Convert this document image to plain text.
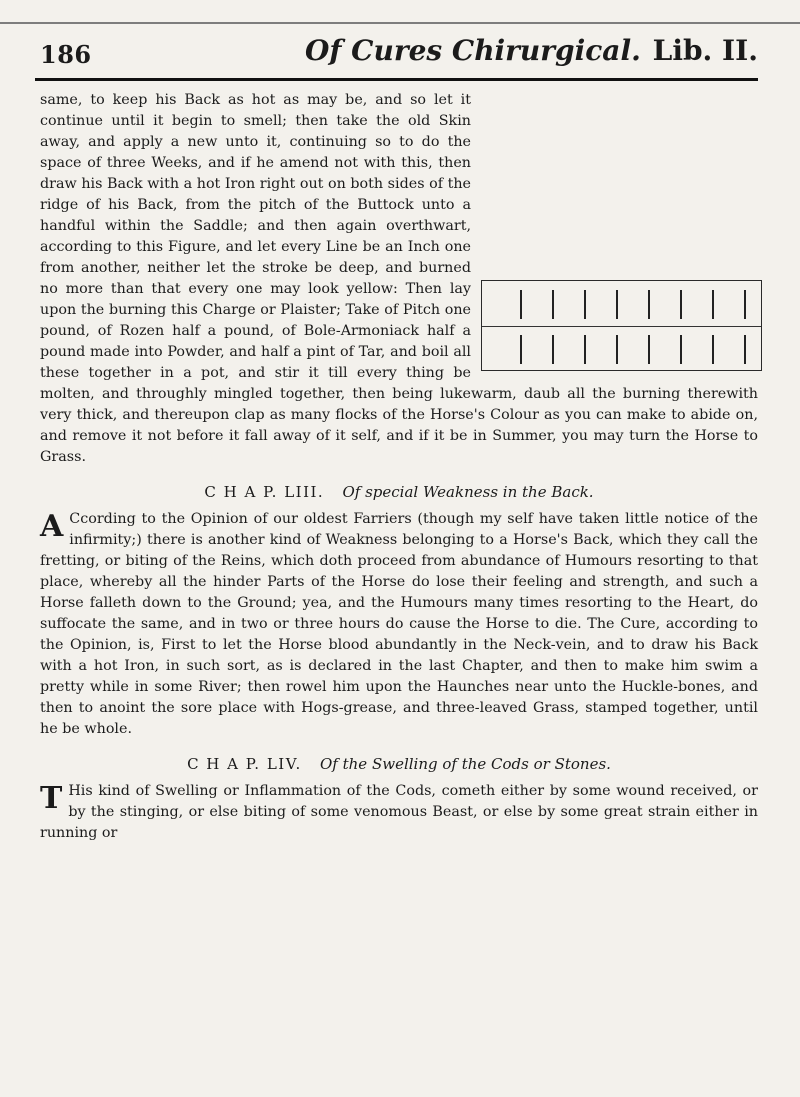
186	Of Cures Chirurgical. Lib. II.

same, to keep his Back as hot as may be, and so let it continue until it begin to smell; then take the old Skin away, and apply a new unto it, continuing so to do the space of three Weeks, and if he amend not with this, then draw his Back with a hot Iron right out on both sides of the ridge of his Back, from the pitch of the Buttock unto a handful within the Saddle; and then again overthwart, according to this Figure, and let every Line be an Inch one from another, neither let the stroke be deep, and burned no more than that every one may look yellow: Then lay upon the burning this Charge or Plaister; Take of Pitch one pound, of Rozen half a pound, of Bole-Armoniack half a pound made into Powder, and half a pint of Tar, and boil all these together in a pot, and stir it till every thing be molten, and throughly mingled together, then being lukewarm, daub all the burning therewith very thick, and thereupon clap as many flocks of the Horse's Colour as you can make to abide on, and remove it not before it fall away of it self, and if it be in Summer, you may turn the Horse to Grass.

C H A P. LIII. Of special Weakness in the Back.

A Ccording to the Opinion of our oldest Farriers (though my self have taken little notice of the infirmity;) there is another kind of Weakness belonging to a Horse's Back, which they call the fretting, or biting of the Reins, which doth proceed from abundance of Humours resorting to that place, whereby all the hinder Parts of the Horse do lose their feeling and strength, and such a Horse falleth down to the Ground; yea, and the Humours many times resorting to the Heart, do suffocate the same, and in two or three hours do cause the Horse to die. The Cure, according to the Opinion, is, First to let the Horse blood abundantly in the Neck-vein, and to draw his Back with a hot Iron, in such sort, as is declared in the last Chapter, and then to make him swim a pretty while in some River; then rowel him upon the Haunches near unto the Huckle-bones, and then to anoint the sore place with Hogs-grease, and three-leaved Grass, stamped together, until he be whole.

C H A P. LIV. Of the Swelling of the Cods or Stones.

T His kind of Swelling or Inflammation of the Cods, cometh either by some wound received, or by the stinging, or else biting of some venomous Beast, or else by some great strain either in running or
